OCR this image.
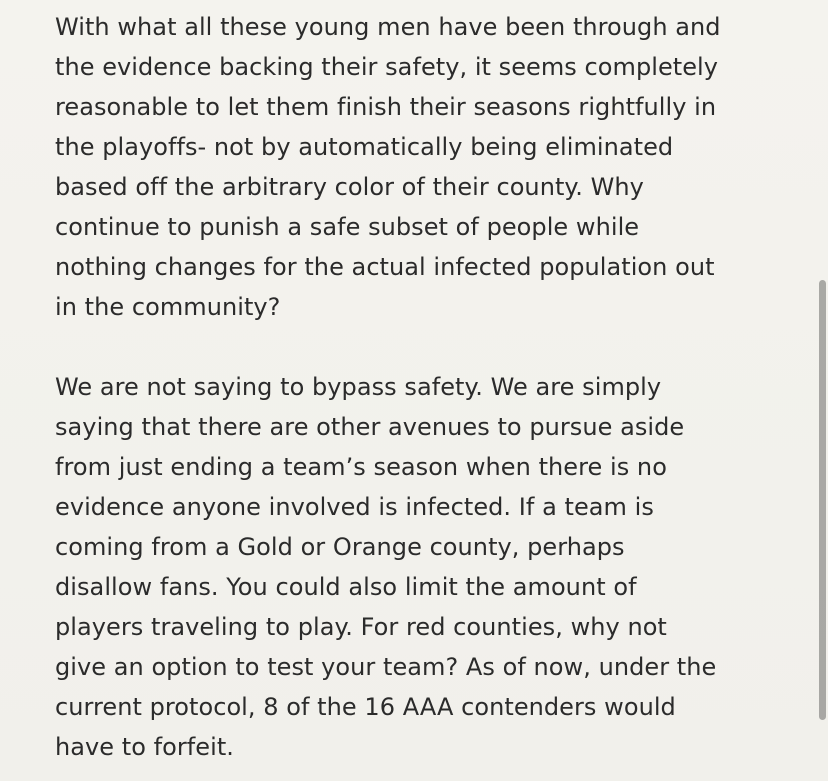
With what all these young men have been through and
the evidence backing their safety, it seems completely
reasonable to let them finish their seasons rightfully in
the playoffs- not by automatically being eliminated
based off the arbitrary color of their county. Why
continue to punish a safe subset of people while
nothing changes for the actual infected population out
in the community?
We are not saying to bypass safety. We are simply
saying that there are other avenues to pursue aside
from just ending a team’s season when there is no
evidence anyone involved is infected. If a team is
coming from a Gold or Orange county, perhaps
disallow fans. You could also limit the amount of
players traveling to play. For red counties, why not
give an option to test your team? As of now, under the
current protocol, 8 of the 16 AAA contenders would
have to forfeit.
